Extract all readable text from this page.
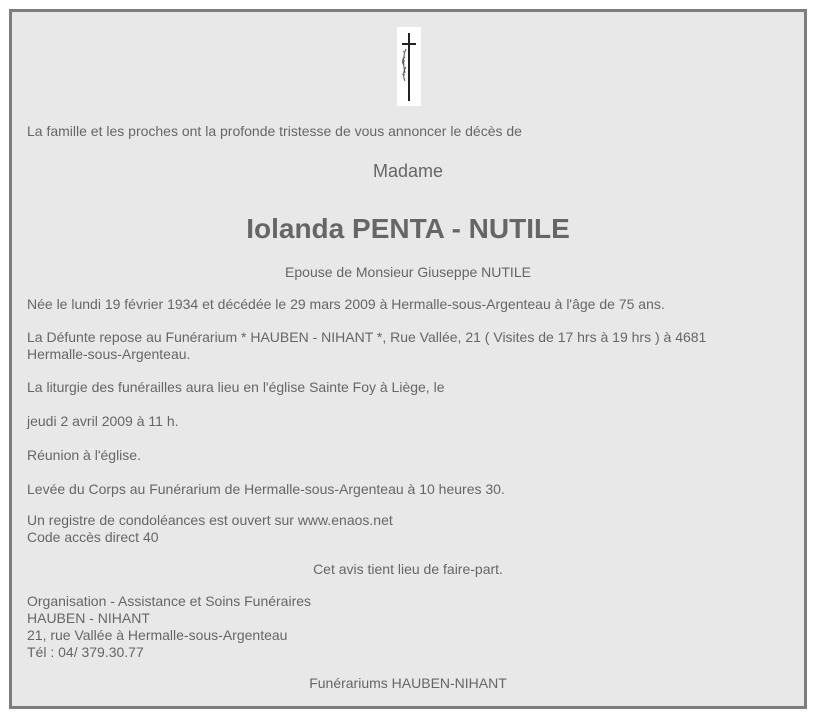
La famille et les proches ont la profonde tristesse de vous annoncer le décès de
Madame
Iolanda PENTA - NUTILE
Epouse de Monsieur Giuseppe NUTILE
Née le lundi 19 février 1934 et décédée le 29 mars 2009 à Hermalle-sous-Argenteau à l'âge de 75 ans.
La Défunte repose au Funérarium * HAUBEN - NIHANT *, Rue Vallée, 21 ( Visites de 17 hrs à 19 hrs ) à 4681
Hermalle-sous-Argenteau.
La liturgie des funérailles aura lieu en l'église Sainte Foy à Liège, le
jeudi 2 avril 2009 à 11 h.
Réunion à l'église.
Levée du Corps au Funérarium de Hermalle-sous-Argenteau à 10 heures 30.
Un registre de condoléances est ouvert sur www.enaos.net
Code accès direct 40
Cet avis tient lieu de faire-part.
Organisation - Assistance et Soins Funéraires
HAUBEN - NIHANT
21, rue Vallée à Hermalle-sous-Argenteau
Tél : 04/ 379.30.77
Funérariums HAUBEN-NIHANT
